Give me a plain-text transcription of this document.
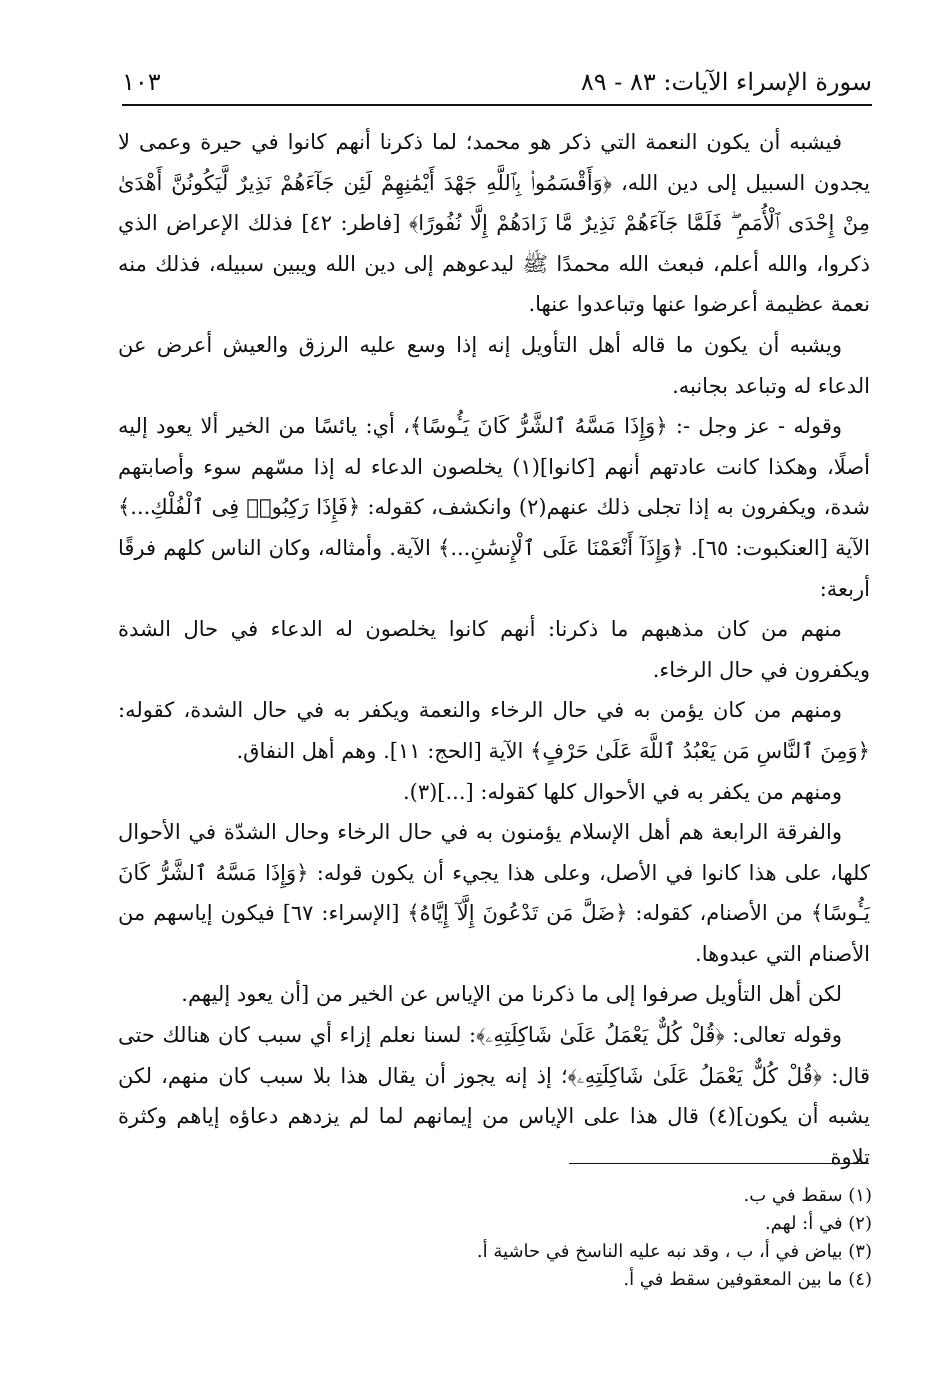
سورة الإسراء الآيات: ٨٣ - ٨٩
١٠٣

فيشبه أن يكون النعمة التي ذكر هو محمد؛ لما ذكرنا أنهم كانوا في حيرة وعمى لا يجدون السبيل إلى دين الله، ﴿وَأَقْسَمُوا۟ بِٱللَّهِ جَهْدَ أَيْمَٰنِهِمْ لَئِن جَآءَهُمْ نَذِيرٌ لَّيَكُونُنَّ أَهْدَىٰ مِنْ إِحْدَى ٱلْأُمَمِ ۖ فَلَمَّا جَآءَهُمْ نَذِيرٌ مَّا زَادَهُمْ إِلَّا نُفُورًا﴾ [فاطر: ٤٢] فذلك الإعراض الذي ذكروا، والله أعلم، فبعث الله محمدًا ﷺ ليدعوهم إلى دين الله ويبين سبيله، فذلك منه نعمة عظيمة أعرضوا عنها وتباعدوا عنها.

ويشبه أن يكون ما قاله أهل التأويل إنه إذا وسع عليه الرزق والعيش أعرض عن الدعاء له وتباعد بجانبه.

وقوله - عز وجل -: ﴿وَإِذَا مَسَّهُ ٱلشَّرُّ كَانَ يَـُٔوسًا﴾، أي: يائسًا من الخير ألا يعود إليه أصلًا، وهكذا كانت عادتهم أنهم [كانوا](١) يخلصون الدعاء له إذا مسّهم سوء وأصابتهم شدة، ويكفرون به إذا تجلى ذلك عنهم(٢) وانكشف، كقوله: ﴿فَإِذَا رَكِبُوا۟ فِى ٱلْفُلْكِ...﴾ الآية [العنكبوت: ٦٥]. ﴿وَإِذَآ أَنْعَمْنَا عَلَى ٱلْإِنسَٰنِ...﴾ الآية. وأمثاله، وكان الناس كلهم فرقًا أربعة:

منهم من كان مذهبهم ما ذكرنا: أنهم كانوا يخلصون له الدعاء في حال الشدة ويكفرون في حال الرخاء.

ومنهم من كان يؤمن به في حال الرخاء والنعمة ويكفر به في حال الشدة، كقوله: ﴿وَمِنَ ٱلنَّاسِ مَن يَعْبُدُ ٱللَّهَ عَلَىٰ حَرْفٍ﴾ الآية [الحج: ١١]. وهم أهل النفاق.

ومنهم من يكفر به في الأحوال كلها كقوله: [...](٣).

والفرقة الرابعة هم أهل الإسلام يؤمنون به في حال الرخاء وحال الشدّة في الأحوال كلها، على هذا كانوا في الأصل، وعلى هذا يجيء أن يكون قوله: ﴿وَإِذَا مَسَّهُ ٱلشَّرُّ كَانَ يَـُٔوسًا﴾ من الأصنام، كقوله: ﴿ضَلَّ مَن تَدْعُونَ إِلَّآ إِيَّاهُ﴾ [الإسراء: ٦٧] فيكون إياسهم من الأصنام التي عبدوها.

لكن أهل التأويل صرفوا إلى ما ذكرنا من الإياس عن الخير من [أن يعود إليهم.

وقوله تعالى: ﴿قُلْ كُلٌّ يَعْمَلُ عَلَىٰ شَاكِلَتِهِۦ﴾: لسنا نعلم إزاء أي سبب كان هنالك حتى قال: ﴿قُلْ كُلٌّ يَعْمَلُ عَلَىٰ شَاكِلَتِهِۦ﴾؛ إذ إنه يجوز أن يقال هذا بلا سبب كان منهم، لكن يشبه أن يكون](٤) قال هذا على الإياس من إيمانهم لما لم يزدهم دعاؤه إياهم وكثرة تلاوة

(١) سقط في ب.

(٢) في أ: لهم.

(٣) بياض في أ، ب ، وقد نبه عليه الناسخ في حاشية أ.

(٤) ما بين المعقوفين سقط في أ.
